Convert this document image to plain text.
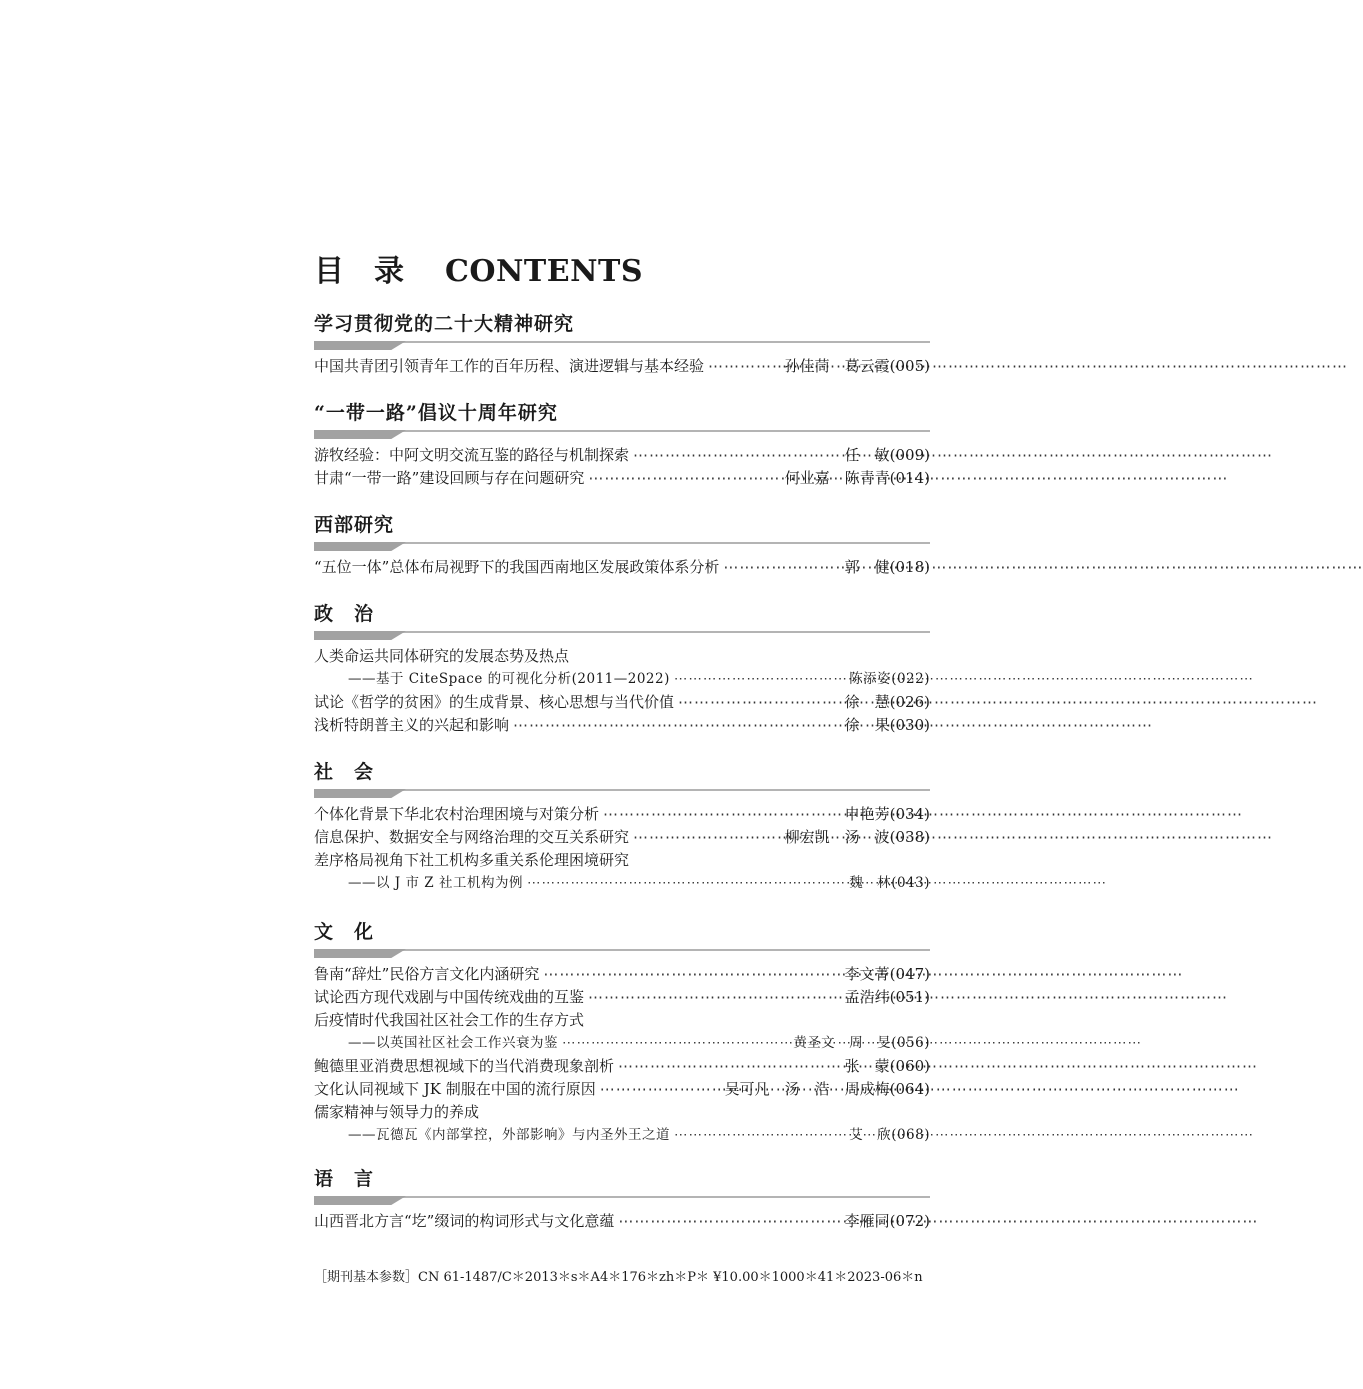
目录 CONTENTS
学习贯彻党的二十大精神研究
中国共青团引领青年工作的百年历程、演进逻辑与基本经验 ⋯⋯⋯⋯⋯⋯⋯⋯⋯⋯⋯⋯⋯⋯⋯⋯⋯⋯⋯⋯⋯⋯⋯⋯⋯⋯⋯⋯⋯⋯⋯⋯⋯⋯⋯⋯⋯⋯⋯⋯	孙佳茼　葛云霞 (005)
“一带一路”倡议十周年研究
游牧经验：中阿文明交流互鉴的路径与机制探索 ⋯⋯⋯⋯⋯⋯⋯⋯⋯⋯⋯⋯⋯⋯⋯⋯⋯⋯⋯⋯⋯⋯⋯⋯⋯⋯⋯⋯⋯⋯⋯⋯⋯⋯⋯⋯⋯⋯⋯⋯	任　敏 (009)
甘肃“一带一路”建设回顾与存在问题研究 ⋯⋯⋯⋯⋯⋯⋯⋯⋯⋯⋯⋯⋯⋯⋯⋯⋯⋯⋯⋯⋯⋯⋯⋯⋯⋯⋯⋯⋯⋯⋯⋯⋯⋯⋯⋯⋯⋯⋯⋯	何业嘉　陈青青 (014)
西部研究
“五位一体”总体布局视野下的我国西南地区发展政策体系分析 ⋯⋯⋯⋯⋯⋯⋯⋯⋯⋯⋯⋯⋯⋯⋯⋯⋯⋯⋯⋯⋯⋯⋯⋯⋯⋯⋯⋯⋯⋯⋯⋯⋯⋯⋯⋯⋯⋯⋯⋯	郭　健 (018)
政　治
人类命运共同体研究的发展态势及热点
——基于 CiteSpace 的可视化分析(2011—2022) ⋯⋯⋯⋯⋯⋯⋯⋯⋯⋯⋯⋯⋯⋯⋯⋯⋯⋯⋯⋯⋯⋯⋯⋯⋯⋯⋯⋯⋯⋯⋯⋯⋯⋯⋯⋯⋯⋯⋯⋯	陈添姿 (022)
试论《哲学的贫困》的生成背景、核心思想与当代价值 ⋯⋯⋯⋯⋯⋯⋯⋯⋯⋯⋯⋯⋯⋯⋯⋯⋯⋯⋯⋯⋯⋯⋯⋯⋯⋯⋯⋯⋯⋯⋯⋯⋯⋯⋯⋯⋯⋯⋯⋯	徐　慧 (026)
浅析特朗普主义的兴起和影响 ⋯⋯⋯⋯⋯⋯⋯⋯⋯⋯⋯⋯⋯⋯⋯⋯⋯⋯⋯⋯⋯⋯⋯⋯⋯⋯⋯⋯⋯⋯⋯⋯⋯⋯⋯⋯⋯⋯⋯⋯	徐　果 (030)
社　会
个体化背景下华北农村治理困境与对策分析 ⋯⋯⋯⋯⋯⋯⋯⋯⋯⋯⋯⋯⋯⋯⋯⋯⋯⋯⋯⋯⋯⋯⋯⋯⋯⋯⋯⋯⋯⋯⋯⋯⋯⋯⋯⋯⋯⋯⋯⋯	申艳芳 (034)
信息保护、数据安全与网络治理的交互关系研究 ⋯⋯⋯⋯⋯⋯⋯⋯⋯⋯⋯⋯⋯⋯⋯⋯⋯⋯⋯⋯⋯⋯⋯⋯⋯⋯⋯⋯⋯⋯⋯⋯⋯⋯⋯⋯⋯⋯⋯⋯	柳宏凯　汤　波 (038)
差序格局视角下社工机构多重关系伦理困境研究
——以 J 市 Z 社工机构为例 ⋯⋯⋯⋯⋯⋯⋯⋯⋯⋯⋯⋯⋯⋯⋯⋯⋯⋯⋯⋯⋯⋯⋯⋯⋯⋯⋯⋯⋯⋯⋯⋯⋯⋯⋯⋯⋯⋯⋯⋯	魏　林 (043)
文　化
鲁南“辞灶”民俗方言文化内涵研究 ⋯⋯⋯⋯⋯⋯⋯⋯⋯⋯⋯⋯⋯⋯⋯⋯⋯⋯⋯⋯⋯⋯⋯⋯⋯⋯⋯⋯⋯⋯⋯⋯⋯⋯⋯⋯⋯⋯⋯⋯	李文菁 (047)
试论西方现代戏剧与中国传统戏曲的互鉴 ⋯⋯⋯⋯⋯⋯⋯⋯⋯⋯⋯⋯⋯⋯⋯⋯⋯⋯⋯⋯⋯⋯⋯⋯⋯⋯⋯⋯⋯⋯⋯⋯⋯⋯⋯⋯⋯⋯⋯⋯	孟浩纬 (051)
后疫情时代我国社区社会工作的生存方式
——以英国社区社会工作兴衰为鉴 ⋯⋯⋯⋯⋯⋯⋯⋯⋯⋯⋯⋯⋯⋯⋯⋯⋯⋯⋯⋯⋯⋯⋯⋯⋯⋯⋯⋯⋯⋯⋯⋯⋯⋯⋯⋯⋯⋯⋯⋯	黄圣文　周　旻 (056)
鲍德里亚消费思想视域下的当代消费现象剖析 ⋯⋯⋯⋯⋯⋯⋯⋯⋯⋯⋯⋯⋯⋯⋯⋯⋯⋯⋯⋯⋯⋯⋯⋯⋯⋯⋯⋯⋯⋯⋯⋯⋯⋯⋯⋯⋯⋯⋯⋯	张　蒙 (060)
文化认同视域下 JK 制服在中国的流行原因 ⋯⋯⋯⋯⋯⋯⋯⋯⋯⋯⋯⋯⋯⋯⋯⋯⋯⋯⋯⋯⋯⋯⋯⋯⋯⋯⋯⋯⋯⋯⋯⋯⋯⋯⋯⋯⋯⋯⋯⋯	吴可凡　汤　浩　周成梅 (064)
儒家精神与领导力的养成
——瓦德瓦《内部掌控，外部影响》与内圣外王之道 ⋯⋯⋯⋯⋯⋯⋯⋯⋯⋯⋯⋯⋯⋯⋯⋯⋯⋯⋯⋯⋯⋯⋯⋯⋯⋯⋯⋯⋯⋯⋯⋯⋯⋯⋯⋯⋯⋯⋯⋯	艾　欣 (068)
语　言
山西晋北方言“圪”缀词的构词形式与文化意蕴 ⋯⋯⋯⋯⋯⋯⋯⋯⋯⋯⋯⋯⋯⋯⋯⋯⋯⋯⋯⋯⋯⋯⋯⋯⋯⋯⋯⋯⋯⋯⋯⋯⋯⋯⋯⋯⋯⋯⋯⋯	李雁同 (072)
［期刊基本参数］CN 61-1487/C＊2013＊s＊A4＊176＊zh＊P＊ ¥10.00＊1000＊41＊2023-06＊n
